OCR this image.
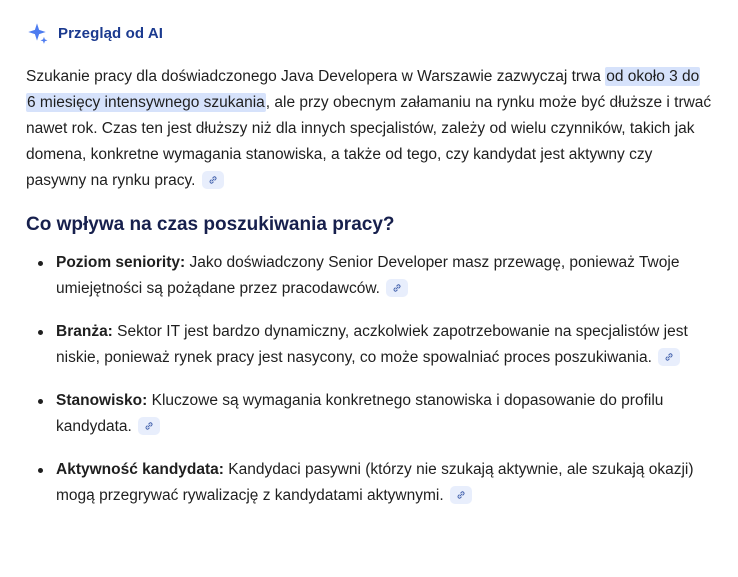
Przegląd od AI

Szukanie pracy dla doświadczonego Java Developera w Warszawie zazwyczaj trwa od około 3 do 6 miesięcy intensywnego szukania, ale przy obecnym załamaniu na rynku może być dłuższe i trwać nawet rok. Czas ten jest dłuższy niż dla innych specjalistów, zależy od wielu czynników, takich jak domena, konkretne wymagania stanowiska, a także od tego, czy kandydat jest aktywny czy pasywny na rynku pracy.

Co wpływa na czas poszukiwania pracy?
Poziom seniority: Jako doświadczony Senior Developer masz przewagę, ponieważ Twoje umiejętności są pożądane przez pracodawców.
Branża: Sektor IT jest bardzo dynamiczny, aczkolwiek zapotrzebowanie na specjalistów jest niskie, ponieważ rynek pracy jest nasycony, co może spowalniać proces poszukiwania.
Stanowisko: Kluczowe są wymagania konkretnego stanowiska i dopasowanie do profilu kandydata.
Aktywność kandydata: Kandydaci pasywni (którzy nie szukają aktywnie, ale szukają okazji) mogą przegrywać rywalizację z kandydatami aktywnymi.
